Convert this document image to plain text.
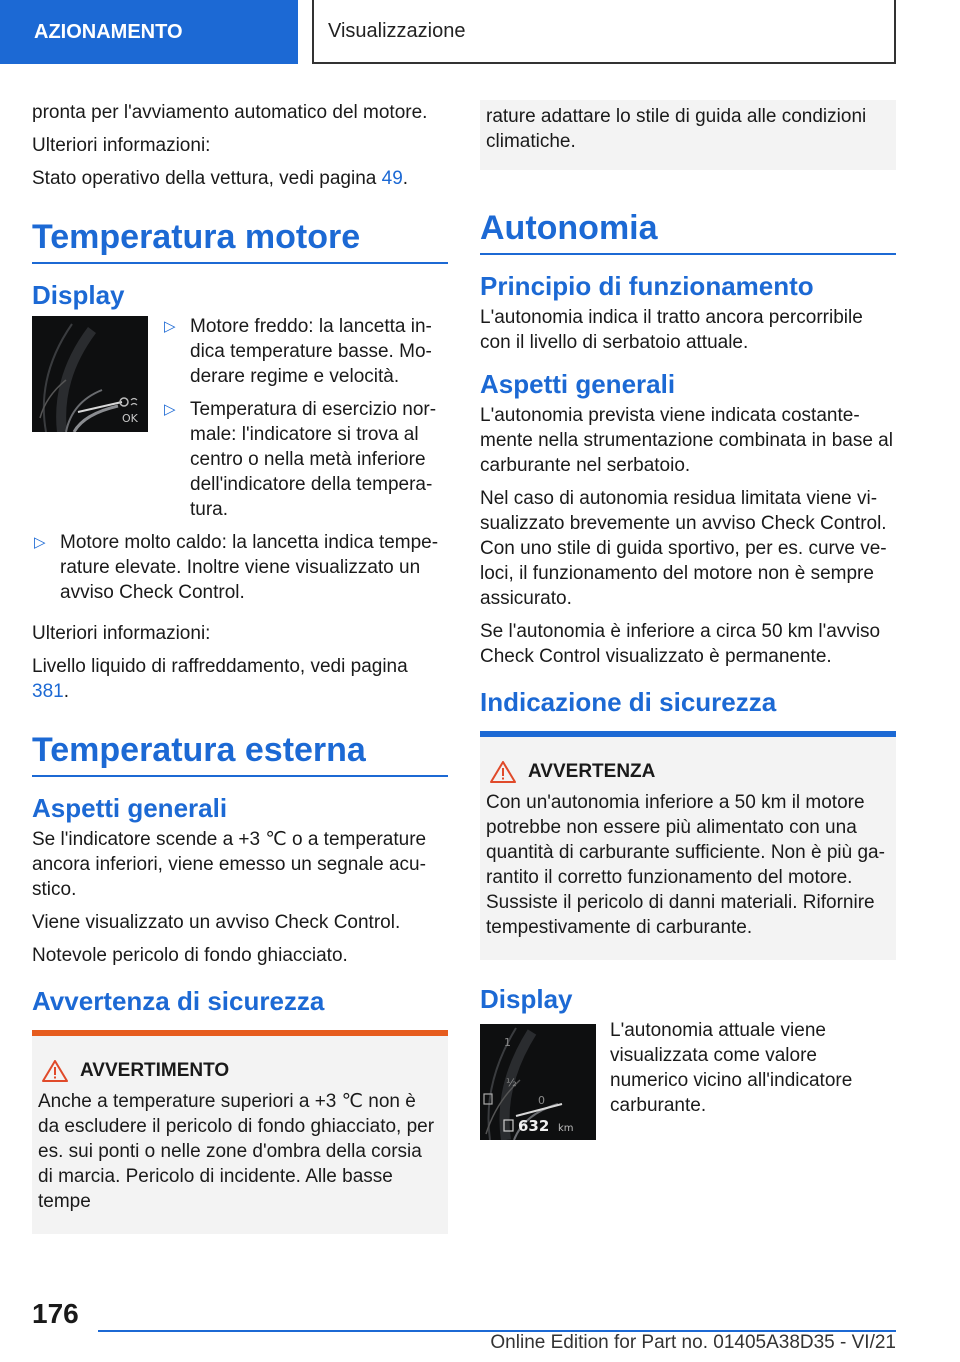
AZIONAMENTO	Visualizzazione

pronta per l'avviamento automatico del motore.

Ulteriori informazioni:

Stato operativo della vettura, vedi pagina 49.

Temperatura motore
Display
OK
▷ Motore freddo: la lancetta indica temperature basse. Moderare regime e velocità.
▷ Temperatura di esercizio normale: l'indicatore si trova al centro o nella metà inferiore dell'indicatore della temperatura.
▷ Motore molto caldo: la lancetta indica temperature elevate. Inoltre viene visualizzato un avviso Check Control.

Ulteriori informazioni:

Livello liquido di raffreddamento, vedi pagina 381.

Temperatura esterna
Aspetti generali

Se l'indicatore scende a +3 ℃ o a temperature ancora inferiori, viene emesso un segnale acustico.

Viene visualizzato un avviso Check Control.

Notevole pericolo di fondo ghiacciato.

Avvertenza di sicurezza
AVVERTIMENTO
Anche a temperature superiori a +3 ℃ non è da escludere il pericolo di fondo ghiacciato, per es. sui ponti o nelle zone d'ombra della corsia di marcia. Pericolo di incidente. Alle basse tempe
rature adattare lo stile di guida alle condizioni climatiche.
Autonomia
Principio di funzionamento

L'autonomia indica il tratto ancora percorribile con il livello di serbatoio attuale.

Aspetti generali

L'autonomia prevista viene indicata costantemente nella strumentazione combinata in base al carburante nel serbatoio.

Nel caso di autonomia residua limitata viene visualizzato brevemente un avviso Check Control. Con uno stile di guida sportivo, per es. curve veloci, il funzionamento del motore non è sempre assicurato.

Se l'autonomia è inferiore a circa 50 km l'avviso Check Control visualizzato è permanente.

Indicazione di sicurezza
AVVERTENZA
Con un'autonomia inferiore a 50 km il motore potrebbe non essere più alimentato con una quantità di carburante sufficiente. Non è più garantito il corretto funzionamento del motore. Sussiste il pericolo di danni materiali. Rifornire tempestivamente di carburante.
Display
1
½
0
632 km

L'autonomia attuale viene visualizzata come valore numerico vicino all'indicatore carburante.

176
Online Edition for Part no. 01405A38D35 - VI/21
